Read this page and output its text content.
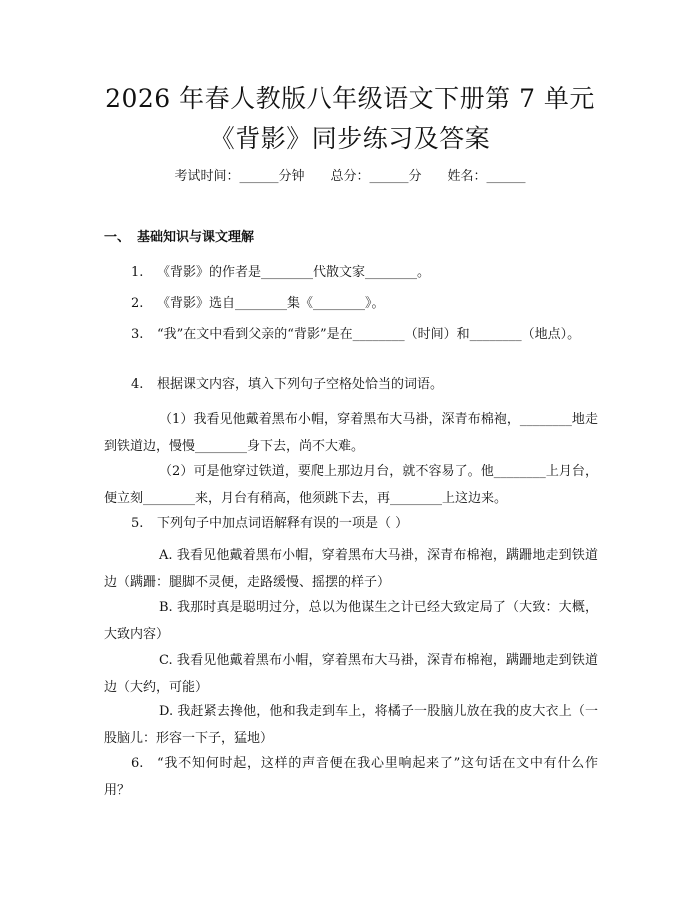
2026 年春人教版八年级语文下册第 7 单元
《背影》同步练习及答案
考试时间：______分钟 总分：______分 姓名：______
一、 基础知识与课文理解
1. 《背影》的作者是________代散文家________。
2. 《背影》选自________集《________》。
3. “我”在文中看到父亲的“背影”是在________（时间）和________（地点）。
4. 根据课文内容，填入下列句子空格处恰当的词语。
（1）我看见他戴着黑布小帽，穿着黑布大马褂，深青布棉袍，________地走到铁道边，慢慢________身下去，尚不大难。
（2）可是他穿过铁道，要爬上那边月台，就不容易了。他________上月台，便立刻________来，月台有稍高，他须跳下去，再________上这边来。
5. 下列句子中加点词语解释有误的一项是（ ）
A. 我看见他戴着黑布小帽，穿着黑布大马褂，深青布棉袍，蹒跚地走到铁道边（蹒跚：腿脚不灵便，走路缓慢、摇摆的样子）
B. 我那时真是聪明过分，总以为他谋生之计已经大致定局了（大致：大概，大致内容）
C. 我看见他戴着黑布小帽，穿着黑布大马褂，深青布棉袍，蹒跚地走到铁道边（大约，可能）
D. 我赶紧去搀他，他和我走到车上，将橘子一股脑儿放在我的皮大衣上（一股脑儿：形容一下子，猛地）
6. “我不知何时起，这样的声音便在我心里响起来了”这句话在文中有什么作用？
